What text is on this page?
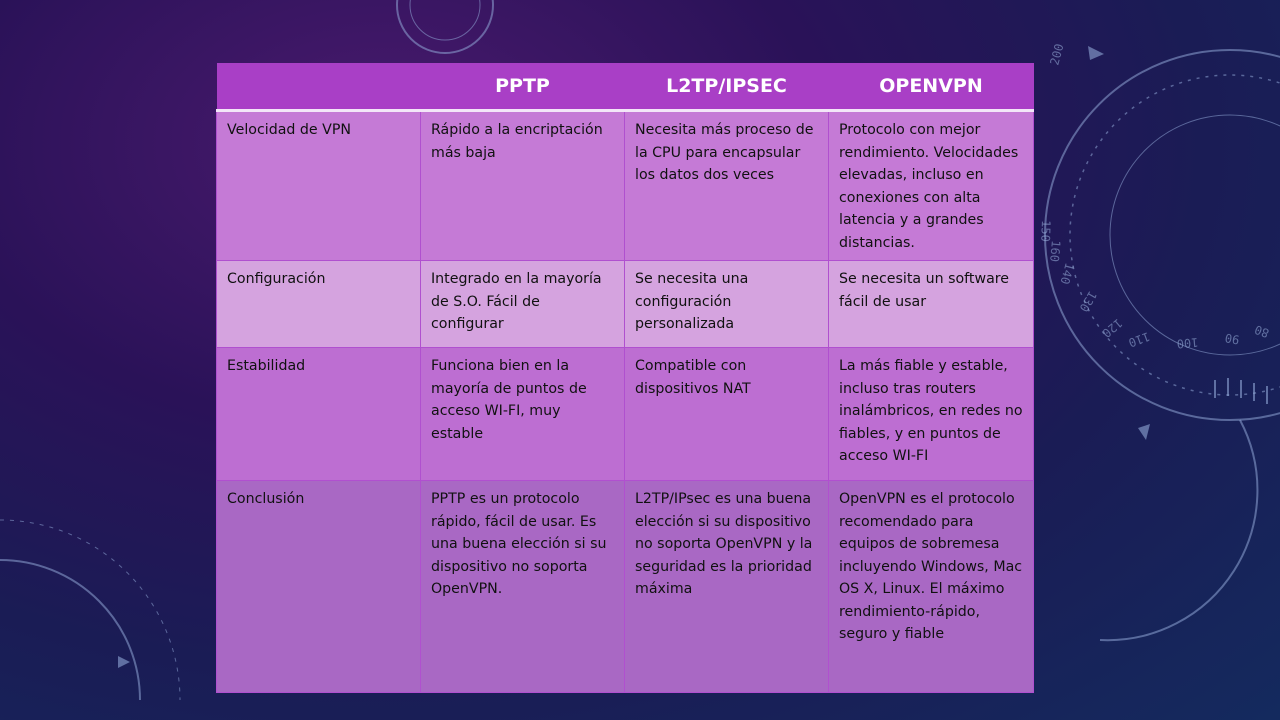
200
160
150
140
130
120 110 100 90 80
	PPTP	L2TP/IPSEC	OPENVPN
Velocidad de VPN	Rápido a la encriptación más baja	Necesita más proceso de la CPU para encapsular los datos dos veces	Protocolo con mejor rendimiento. Velocidades elevadas, incluso en conexiones con alta latencia y a grandes distancias.
Configuración	Integrado en la mayoría de S.O. Fácil de configurar	Se necesita una configuración personalizada	Se necesita un software fácil de usar
Estabilidad	Funciona bien en la mayoría de puntos de acceso WI-FI, muy estable	Compatible con dispositivos NAT	La más fiable y estable, incluso tras routers inalámbricos, en redes no fiables, y en puntos de acceso WI-FI
Conclusión	PPTP es un protocolo rápido, fácil de usar. Es una buena elección si su dispositivo no soporta OpenVPN.	L2TP/IPsec es una buena elección si su dispositivo no soporta OpenVPN y la seguridad es la prioridad máxima	OpenVPN es el protocolo recomendado para equipos de sobremesa incluyendo Windows, Mac OS X, Linux. El máximo rendimiento-rápido, seguro y fiable
